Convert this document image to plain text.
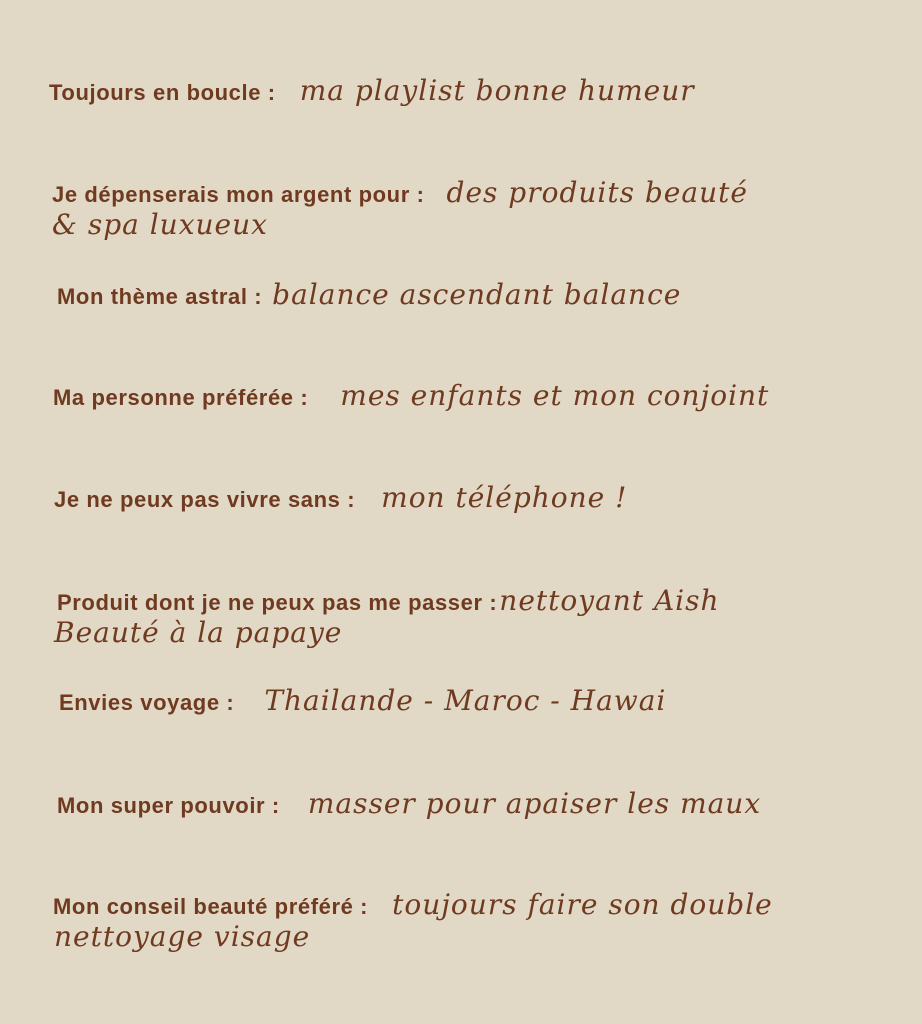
Toujours en boucle : ma playlist bonne humeur
Je dépenserais mon argent pour : des produits beauté
& spa luxueux
Mon thème astral : balance ascendant balance
Ma personne préférée : mes enfants et mon conjoint
Je ne peux pas vivre sans : mon téléphone !
Produit dont je ne peux pas me passer : nettoyant Aish
Beauté à la papaye
Envies voyage : Thailande - Maroc - Hawai
Mon super pouvoir : masser pour apaiser les maux
Mon conseil beauté préféré : toujours faire son double
nettoyage visage
